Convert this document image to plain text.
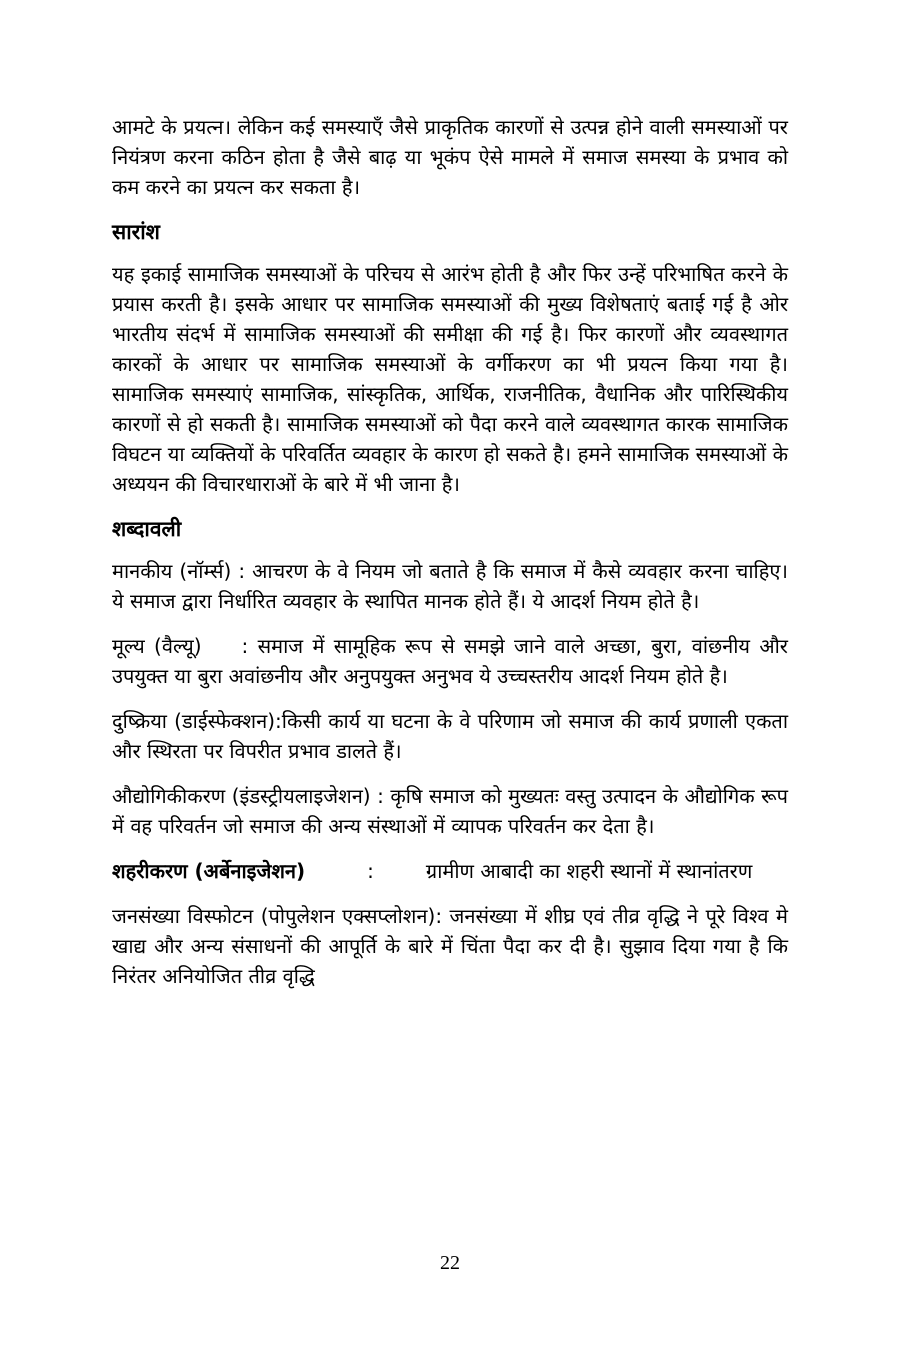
आमटे के प्रयत्न। लेकिन कई समस्याएँ जैसे प्राकृतिक कारणों से उत्पन्न होने वाली समस्याओं पर नियंत्रण करना कठिन होता है जैसे बाढ़ या भूकंप ऐसे मामले में समाज समस्या के प्रभाव को कम करने का प्रयत्न कर सकता है।

सारांश

यह इकाई सामाजिक समस्याओं के परिचय से आरंभ होती है और फिर उन्हें परिभाषित करने के प्रयास करती है। इसके आधार पर सामाजिक समस्याओं की मुख्य विशेषताएं बताई गई है ओर भारतीय संदर्भ में सामाजिक समस्याओं की समीक्षा की गई है। फिर कारणों और व्यवस्थागत कारकों के आधार पर सामाजिक समस्याओं के वर्गीकरण का भी प्रयत्न किया गया है। सामाजिक समस्याएं सामाजिक, सांस्कृतिक, आर्थिक, राजनीतिक, वैधानिक और पारिस्थिकीय कारणों से हो सकती है। सामाजिक समस्याओं को पैदा करने वाले व्यवस्थागत कारक सामाजिक विघटन या व्यक्तियों के परिवर्तित व्यवहार के कारण हो सकते है। हमने सामाजिक समस्याओं के अध्ययन की विचारधाराओं के बारे में भी जाना है।

शब्दावली

मानकीय (नॉर्म्स) : आचरण के वे नियम जो बताते है कि समाज में कैसे व्यवहार करना चाहिए। ये समाज द्वारा निर्धारित व्यवहार के स्थापित मानक होते हैं। ये आदर्श नियम होते है।

मूल्य (वैल्यू) : समाज में सामूहिक रूप से समझे जाने वाले अच्छा, बुरा, वांछनीय और उपयुक्त या बुरा अवांछनीय और अनुपयुक्त अनुभव ये उच्चस्तरीय आदर्श नियम होते है।

दुष्क्रिया (डाईस्फेक्शन):किसी कार्य या घटना के वे परिणाम जो समाज की कार्य प्रणाली एकता और स्थिरता पर विपरीत प्रभाव डालते हैं।

औद्योगिकीकरण (इंडस्ट्रीयलाइजेशन) : कृषि समाज को मुख्यतः वस्तु उत्पादन के औद्योगिक रूप में वह परिवर्तन जो समाज की अन्य संस्थाओं में व्यापक परिवर्तन कर देता है।

शहरीकरण (अर्बेनाइजेशन)	:	ग्रामीण आबादी का शहरी स्थानों में स्थानांतरण

जनसंख्या विस्फोटन (पोपुलेशन एक्सप्लोशन): जनसंख्या में शीघ्र एवं तीव्र वृद्धि ने पूरे विश्व मे खाद्य और अन्य संसाधनों की आपूर्ति के बारे में चिंता पैदा कर दी है। सुझाव दिया गया है कि निरंतर अनियोजित तीव्र वृद्धि

22
